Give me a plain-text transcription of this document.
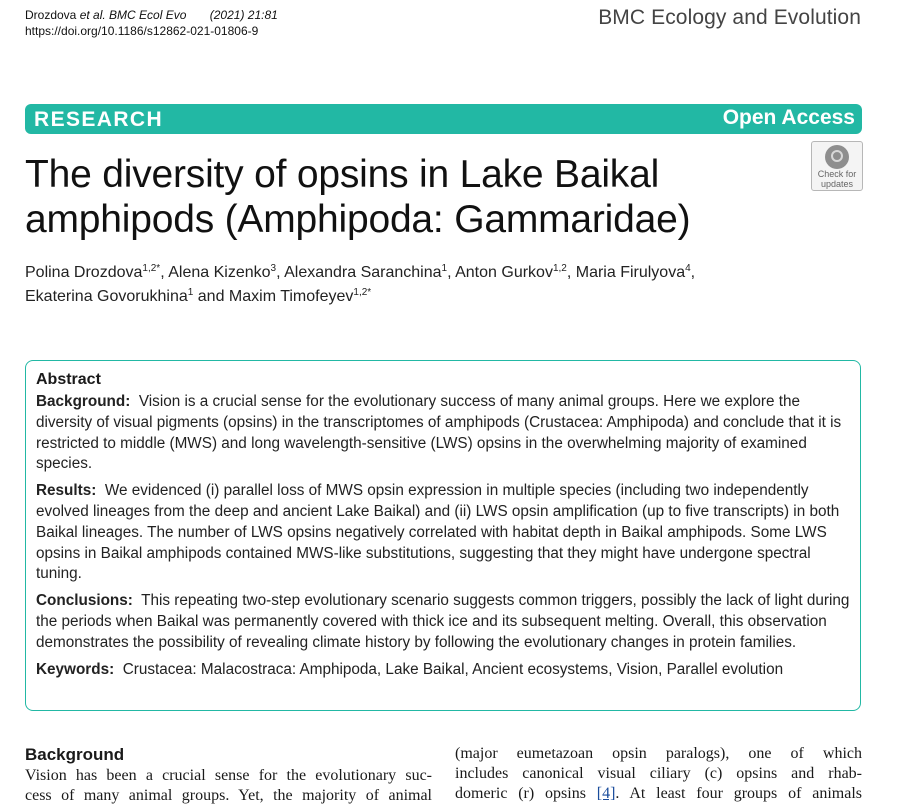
Drozdova et al. BMC Ecol Evo (2021) 21:81
https://doi.org/10.1186/s12862-021-01806-9
BMC Ecology and Evolution
RESEARCH	Open Access
Check for
updates
The diversity of opsins in Lake Baikal amphipods (Amphipoda: Gammaridae)
Polina Drozdova$^{1,2*}$, Alena Kizenko$^3$, Alexandra Saranchina$^1$, Anton Gurkov$^{1,2}$, Maria Firulyova$^4$,
Ekaterina Govorukhina$^1$ and Maxim Timofeyev$^{1,2*}$
Abstract

Background: Vision is a crucial sense for the evolutionary success of many animal groups. Here we explore the diversity of visual pigments (opsins) in the transcriptomes of amphipods (Crustacea: Amphipoda) and conclude that it is restricted to middle (MWS) and long wavelength-sensitive (LWS) opsins in the overwhelming majority of examined species.

Results: We evidenced (i) parallel loss of MWS opsin expression in multiple species (including two independently evolved lineages from the deep and ancient Lake Baikal) and (ii) LWS opsin amplification (up to five transcripts) in both Baikal lineages. The number of LWS opsins negatively correlated with habitat depth in Baikal amphipods. Some LWS opsins in Baikal amphipods contained MWS-like substitutions, suggesting that they might have undergone spectral tuning.

Conclusions: This repeating two-step evolutionary scenario suggests common triggers, possibly the lack of light during the periods when Baikal was permanently covered with thick ice and its subsequent melting. Overall, this observation demonstrates the possibility of revealing climate history by following the evolutionary changes in protein families.

Keywords: Crustacea: Malacostraca: Amphipoda, Lake Baikal, Ancient ecosystems, Vision, Parallel evolution

Background
Vision has been a crucial sense for the evolutionary suc-
cess of many animal groups. Yet, the majority of animal
(major eumetazoan opsin paralogs), one of which
includes canonical visual ciliary (c) opsins and rhab-
domeric (r) opsins [4]. At least four groups of animals
